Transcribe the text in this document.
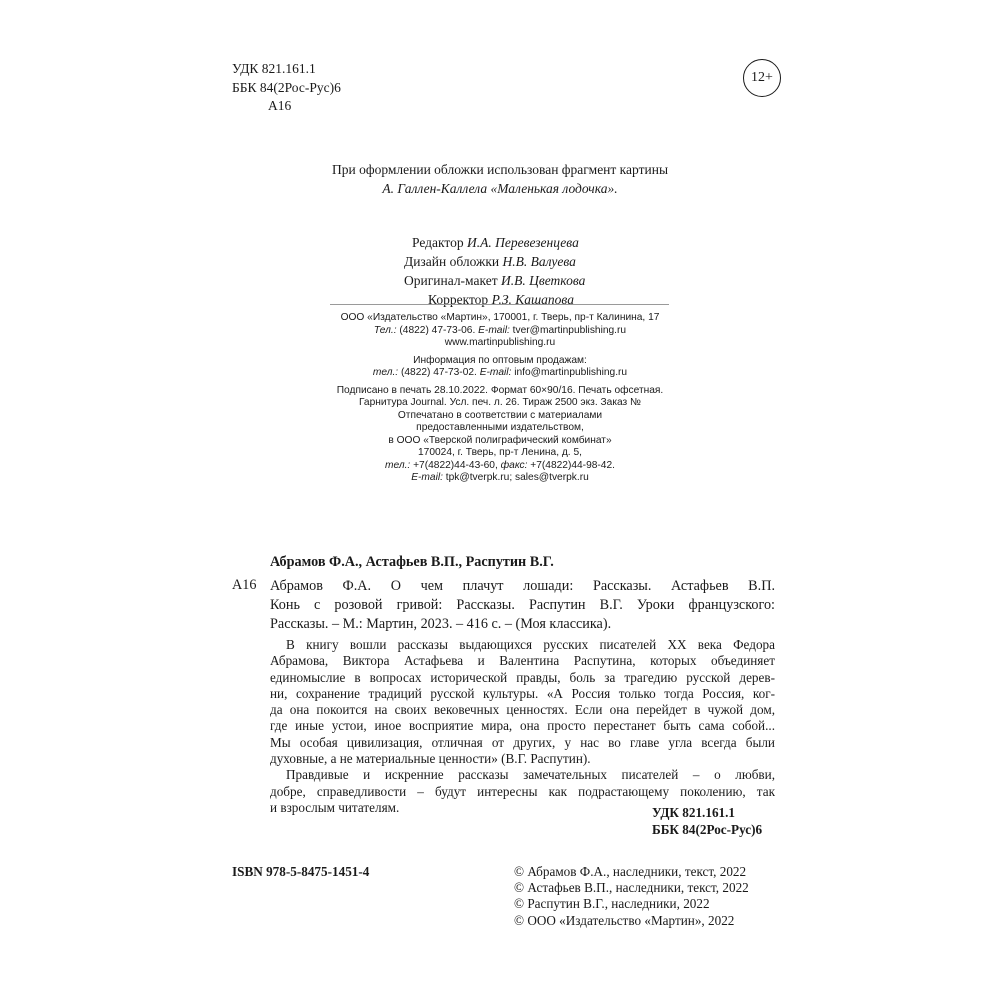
УДК 821.161.1
ББК 84(2Рос-Рус)6
А16
12+
При оформлении обложки использован фрагмент картины
А. Галлен-Каллела «Маленькая лодочка».
Редактор И.А. Перевезенцева
Дизайн обложки Н.В. Валуева
Оригинал-макет И.В. Цветкова
Корректор Р.З. Кашапова
ООО «Издательство «Мартин», 170001, г. Тверь, пр-т Калинина, 17
Тел.: (4822) 47-73-06. E-mail: tver@martinpublishing.ru
www.martinpublishing.ru
Информация по оптовым продажам:
тел.: (4822) 47-73-02. E-mail: info@martinpublishing.ru
Подписано в печать 28.10.2022. Формат 60×90/16. Печать офсетная.
Гарнитура Journal. Усл. печ. л. 26. Тираж 2500 экз. Заказ №
Отпечатано в соответствии с материалами
предоставленными издательством,
в ООО «Тверской полиграфический комбинат»
170024, г. Тверь, пр-т Ленина, д. 5,
тел.: +7(4822)44-43-60, факс: +7(4822)44-98-42.
E-mail: tpk@tverpk.ru; sales@tverpk.ru
Абрамов Ф.А., Астафьев В.П., Распутин В.Г.
А16 Абрамов Ф.А. О чем плачут лошади: Рассказы. Астафьев В.П.
Конь с розовой гривой: Рассказы. Распутин В.Г. Уроки французского:
Рассказы. – М.: Мартин, 2023. – 416 с. – (Моя классика).
В книгу вошли рассказы выдающихся русских писателей XX века Федора
Абрамова, Виктора Астафьева и Валентина Распутина, которых объединяет
единомыслие в вопросах исторической правды, боль за трагедию русской дерев-
ни, сохранение традиций русской культуры. «А Россия только тогда Россия, ког-
да она покоится на своих вековечных ценностях. Если она перейдет в чужой дом,
где иные устои, иное восприятие мира, она просто перестанет быть сама собой...
Мы особая цивилизация, отличная от других, у нас во главе угла всегда были
духовные, а не материальные ценности» (В.Г. Распутин).
Правдивые и искренние рассказы замечательных писателей – о любви,
добре, справедливости – будут интересны как подрастающему поколению, так
и взрослым читателям.	УДК 821.161.1
ББК 84(2Рос-Рус)6
ISBN 978-5-8475-1451-4	© Абрамов Ф.А., наследники, текст, 2022
© Астафьев В.П., наследники, текст, 2022
© Распутин В.Г., наследники, 2022
© ООО «Издательство «Мартин», 2022
